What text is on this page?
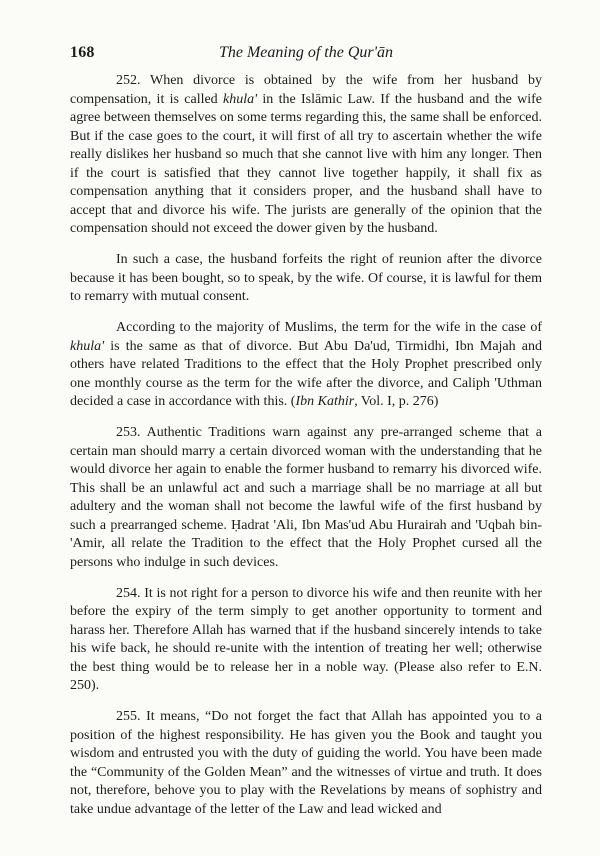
168	The Meaning of the Qur'ān

252. When divorce is obtained by the wife from her husband by compensation, it is called khula' in the Islāmic Law. If the husband and the wife agree between themselves on some terms regarding this, the same shall be enforced. But if the case goes to the court, it will first of all try to ascertain whether the wife really dislikes her husband so much that she cannot live with him any longer. Then if the court is satisfied that they cannot live together happily, it shall fix as compensation anything that it considers proper, and the husband shall have to accept that and divorce his wife. The jurists are generally of the opinion that the compensation should not exceed the dower given by the husband.

In such a case, the husband forfeits the right of reunion after the divorce because it has been bought, so to speak, by the wife. Of course, it is lawful for them to remarry with mutual consent.

According to the majority of Muslims, the term for the wife in the case of khula' is the same as that of divorce. But Abu Da'ud, Tirmidhi, Ibn Majah and others have related Traditions to the effect that the Holy Prophet prescribed only one monthly course as the term for the wife after the divorce, and Caliph 'Uthman decided a case in accordance with this. (Ibn Kathir, Vol. I, p. 276)

253. Authentic Traditions warn against any pre-arranged scheme that a certain man should marry a certain divorced woman with the understanding that he would divorce her again to enable the former husband to remarry his divorced wife. This shall be an unlawful act and such a marriage shall be no marriage at all but adultery and the woman shall not become the lawful wife of the first husband by such a prearranged scheme. Ḥadrat 'Ali, Ibn Mas'ud Abu Hurairah and 'Uqbah bin-'Amir, all relate the Tradition to the effect that the Holy Prophet cursed all the persons who indulge in such devices.

254. It is not right for a person to divorce his wife and then reunite with her before the expiry of the term simply to get another opportunity to torment and harass her. Therefore Allah has warned that if the husband sincerely intends to take his wife back, he should re-unite with the intention of treating her well; otherwise the best thing would be to release her in a noble way. (Please also refer to E.N. 250).

255. It means, “Do not forget the fact that Allah has appointed you to a position of the highest responsibility. He has given you the Book and taught you wisdom and entrusted you with the duty of guiding the world. You have been made the “Community of the Golden Mean” and the witnesses of virtue and truth. It does not, therefore, behove you to play with the Revelations by means of sophistry and take undue advantage of the letter of the Law and lead wicked and
